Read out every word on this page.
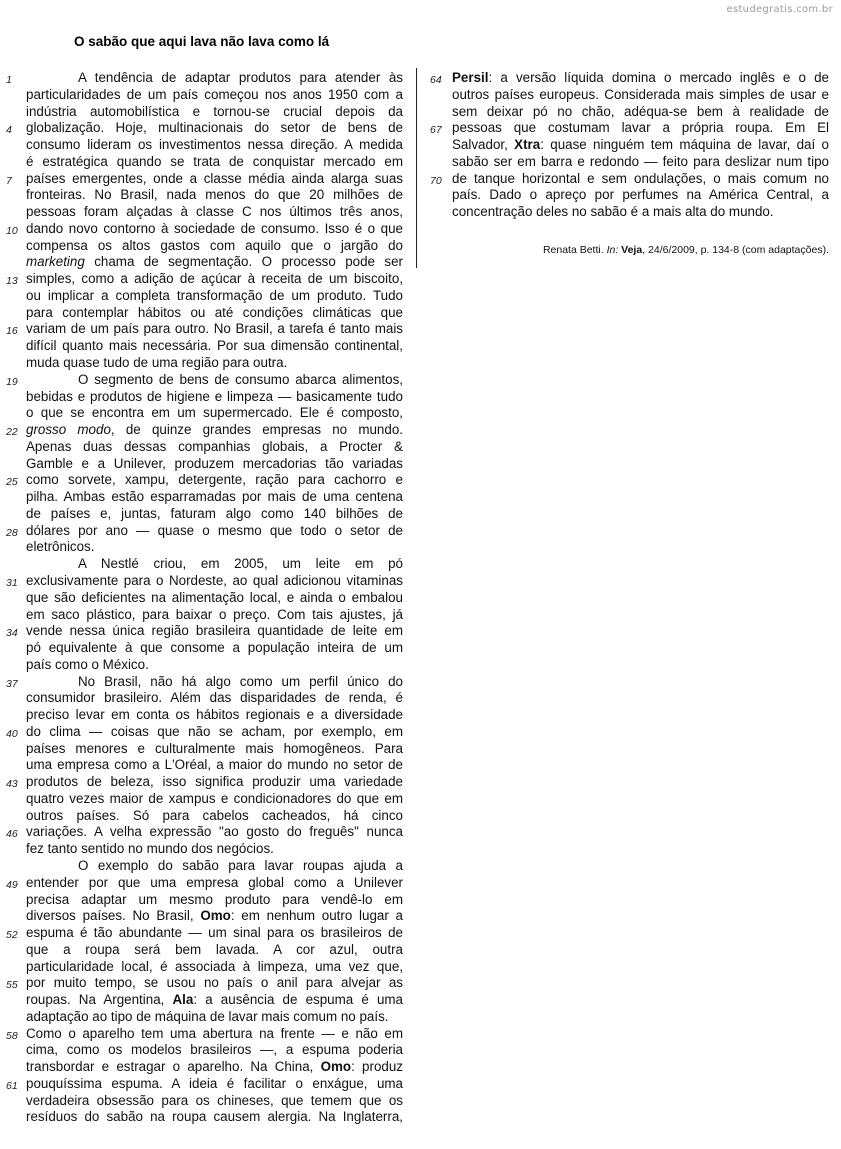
estudegratis.com.br
O sabão que aqui lava não lava como lá
1	A tendência de adaptar produtos para atender às
particularidades de um país começou nos anos 1950 com a
indústria automobilística e tornou-se crucial depois da
4	globalização. Hoje, multinacionais do setor de bens de
consumo lideram os investimentos nessa direção. A medida
é estratégica quando se trata de conquistar mercado em
7	países emergentes, onde a classe média ainda alarga suas
fronteiras. No Brasil, nada menos do que 20 milhões de
pessoas foram alçadas à classe C nos últimos três anos,
10 dando novo contorno à sociedade de consumo. Isso é o que
compensa os altos gastos com aquilo que o jargão do
marketing chama de segmentação. O processo pode ser
13 simples, como a adição de açúcar à receita de um biscoito,
ou implicar a completa transformação de um produto. Tudo
para contemplar hábitos ou até condições climáticas que
16 variam de um país para outro. No Brasil, a tarefa é tanto mais
difícil quanto mais necessária. Por sua dimensão continental,
muda quase tudo de uma região para outra.
19	O segmento de bens de consumo abarca alimentos,
bebidas e produtos de higiene e limpeza — basicamente tudo
o que se encontra em um supermercado. Ele é composto,
22 grosso modo, de quinze grandes empresas no mundo.
Apenas duas dessas companhias globais, a Procter &
Gamble e a Unilever, produzem mercadorias tão variadas
25 como sorvete, xampu, detergente, ração para cachorro e
pilha. Ambas estão esparramadas por mais de uma centena
de países e, juntas, faturam algo como 140 bilhões de
28 dólares por ano — quase o mesmo que todo o setor de
eletrônicos.
A Nestlé criou, em 2005, um leite em pó
31 exclusivamente para o Nordeste, ao qual adicionou vitaminas
que são deficientes na alimentação local, e ainda o embalou
em saco plástico, para baixar o preço. Com tais ajustes, já
34 vende nessa única região brasileira quantidade de leite em
pó equivalente à que consome a população inteira de um
país como o México.
37	No Brasil, não há algo como um perfil único do
consumidor brasileiro. Além das disparidades de renda, é
preciso levar em conta os hábitos regionais e a diversidade
40 do clima — coisas que não se acham, por exemplo, em
países menores e culturalmente mais homogêneos. Para
uma empresa como a L'Oréal, a maior do mundo no setor de
43 produtos de beleza, isso significa produzir uma variedade
quatro vezes maior de xampus e condicionadores do que em
outros países. Só para cabelos cacheados, há cinco
46 variações. A velha expressão "ao gosto do freguês" nunca
fez tanto sentido no mundo dos negócios.
O exemplo do sabão para lavar roupas ajuda a
49 entender por que uma empresa global como a Unilever
precisa adaptar um mesmo produto para vendê-lo em
diversos países. No Brasil, Omo: em nenhum outro lugar a
52 espuma é tão abundante — um sinal para os brasileiros de
que a roupa será bem lavada. A cor azul, outra
particularidade local, é associada à limpeza, uma vez que,
55 por muito tempo, se usou no país o anil para alvejar as
roupas. Na Argentina, Ala: a ausência de espuma é uma
adaptação ao tipo de máquina de lavar mais comum no país.
58 Como o aparelho tem uma abertura na frente — e não em
cima, como os modelos brasileiros —, a espuma poderia
transbordar e estragar o aparelho. Na China, Omo: produz
61 pouquíssima espuma. A ideia é facilitar o enxágue, uma
verdadeira obsessão para os chineses, que temem que os
resíduos do sabão na roupa causem alergia. Na Inglaterra,
64 Persil: a versão líquida domina o mercado inglês e o de
outros países europeus. Considerada mais simples de usar e
sem deixar pó no chão, adéqua-se bem à realidade de
67 pessoas que costumam lavar a própria roupa. Em El
Salvador, Xtra: quase ninguém tem máquina de lavar, daí o
sabão ser em barra e redondo — feito para deslizar num tipo
70 de tanque horizontal e sem ondulações, o mais comum no
país. Dado o apreço por perfumes na América Central, a
concentração deles no sabão é a mais alta do mundo.
Renata Betti. In: Veja, 24/6/2009, p. 134-8 (com adaptações).
